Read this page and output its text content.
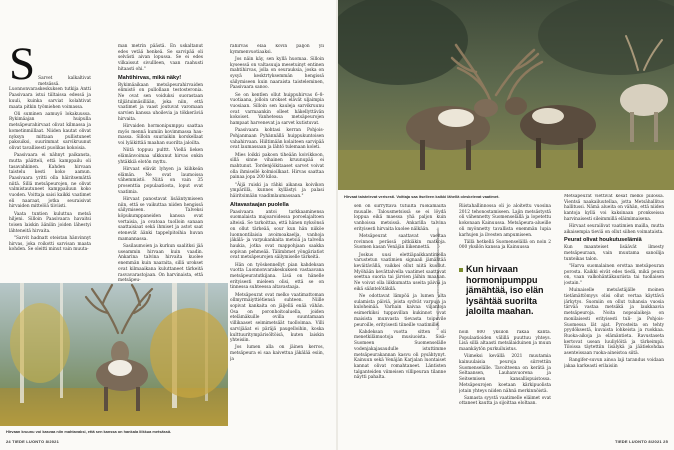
S Sarvet kalkaltivat metsässä. Luonnonvaraskeskuksen tutkija Antti Paasivaara istui tiiltaissa edessä ja kuuli, kuinka sarviat kolahtivat maata pitkin työmiehen voimassa.

Oli suminen aamuyö lokakuussa. Rykimäajan huipulla metsäpeurahirvaat olivat kilmassa ja kometinmiillaat. Niiden kautat olivat nyksyn mittaan pullistuneet paksuiksi, suurimmat sarvikruunut olivat tavallisesti puolikas kokoisia.

Paasivaara ei nähnyt paikansta, mutta päätteli, että kamppailu oli tasavahkinen. Kahden hirvaan taistelu kesti koko aamun. Paasivaara yritti olla häiritsemättä niitä. Sillä metsäpeurojen, ne olivat valmistautuneet kamppailuun koko vuoden. Voittaja saisi kaikki vaatimet eli naaraat, jotka seuraisivat hirvaiden mittelöä tiiviisti.

Vaata tuntien kuluttua metsä hiljeni. Silloin Paasivaara havaitsi toisen laiskin äänilin joiden lähestyi lähteneitä hirvaita.

"Sarvit hadnatt oteistan hänvinnyt hirvas, joka roikotti sarvisan maata kohden. Se oleitti minut vain muuta-

man metrin päästä. En uskaltanut edes vetää henkeä. Se sarvipää oli selvästi aivan lopussa. Se ei edes vilkaissut sivullleen, vaan raahusti hitaasti ohi."

Mahtihirvas, mikä näky!

Rykimäaikaan metsäpeurahirvaiden elimistö on pullollaan testosteronia. Ne ovat sen voiduksi suorastaan tiljiätuimäsillään, joka niin, että vaatimet ja vaast joutuvat varomaan sarvien kanssa uhoilevia ja tökkeräviä hirvaita.

Hirvaiden hormonipumppu saattaa myös mennä kumiin kovimmassa hau- massa. Silloin suuriaikin korskellaat voi lyäikittää maahan suorilta jaloilta.

Niitä toppuu pulttt. Viellä lieken elämänvoimaa ulkkunut hirvas onkin yhtäkkiä elotön myttu.

Hirvaat elävät lyhyen ja kiihkeän elämän. Ne ovat laumoissa vähemmistö. Niitä on vain 35 prosenttia populaatiosta, loput ovat vaatimia.

Hirvaat panostavat lisääntymiseen niin, että se vaikuttaa niiden hengissä säilymiseen. Talveksi köpukumppaneiden kanssa ovat vertaisia, ja ovatoaa tuolloin sanaan saattaisiaat sekä ihmiset ja astot saat etenevät äänki tappelpitoihia huvan mamannassa.

Sasilaumoien ja kurkun saalitksi jää useammin hirvaan kuin vaadin. Ankarina talvina hirvaita kuolee enemmän kuin naaraita, sillä urokset ovat kilmaaikana kuluttaneet tärkeitä rasvavarastojaan. On harvinaista, että metsäpeu-

rahirvas elää kovin paljon yli kymmenvuotiaaksi.

Jos näin käy, sen kyllä huomaa. Silloin kyseessä on valtasuuja mesetuinyt entinen mahtihirvas, jolla on seurauksia, joska on sysyä kesktrtyksemmän hengissä säilymiseen kuin naaraista taisteleminen, Paasivaara sanoo.

Se on kentlen ollut huippuhirvas 6–8-vuotiaana, jolloin urokset elävät uljaimpia vuosiaan. Silloin sen kauleja sarvikruunu ovat varmaankin olleet häkellyttävän kokoiset. Vanhetessa metsäpeurojen hampaat harvenevat ja sarvet kutistuvat.

Paasivaara kohtasi kerran Pohjois-Pohjanmaan Pyhännällä huippukuntoisen vahahirvaan. Hiiltimään kolaiteen sarvipää ovat laumassaan ja lähtö tulemaan koleti.

Mies loikki pakoon tiheään koivikkoon, sillä sinne vihainen kruunupää ei mahtunut. Tordenjöikitaaset sarvet voivat olla ihmisellé kolmioilkaat. Hirvas saattaa painaa jopa 200 kiloa.

"Äijä ruiski ja rähki aikansa koivikon ympärillä, kunnes kyllästyi ja palasi häiritsimään vaadimlaumassaan."

Altavastaajan puolella

Paasivaara antoi tarkkaaminensa suomalaista majoaroidessa poroelajaltoen alteisä. Se tarkoittaa, että hänen nyksönsä on ollut tärkeää, sour kun hän niiköe luonnontilaisia avoimoakaelja, vanhoja jäkälä- ja varpukankaita metsiä ja talvella haukia, jotka ovat mappohjaan saakka sopivan pehmeää. Tälimbmet yöngäriatiot ovat metsäpeurojen säilymiselle tärkeitä.

Hän on työskennellyt pian kahdeksan vuotta Luonnonvarakeskuksen vastaavana metsäpeuratutkijana. Lisä on hänelle erityisesti mieleen olisi, että se on tinnessa suhteessa altavastaaja.

Metsäpeurat ovat melko vaatimattoman ollmyrmäiyttiétiensä suhteen. Niille sopivat kankaita on jäljellä enää vähän. Osa on poronhoitoaluella, joiden etelämäkuille ovilla suuntamaan villikaaset seimimetsäät tuolloimaa. Villi sarvijääat ei päräjä paugelloihin, koska kulttuuritympärisöltöisä, kuten laiskin yhteisiin.

Jos lumen alla on jäinen kerros, metsäpeura ei saa kaivettua jäkälää esiin, ja

Hirvaan kruunu voi kasvaa niin mahtavaksi, että sen kanssa on hankala liikkua metsässä.
24 TIEDE LUONTO 8/2021
Hirvaat taistelevat verisesti. Voittaja saa itselleen kaikki lähellä oleskelevat vaatimet.
Kuvat: Petri Timonen / Luonnonvarakeskus, Soili Kaisakangas/Vastavalo

sen on siirryttävä tutuilta ruokamailta muualle. Talousmetsissä se ei löydä loppua eikä maessa yhä paljon kuin vanhoissa metsissä. Ankarilla talvina erityisesti hirvaita kuolee nälkään.

Metsäpeurat saattavat vaeltaa rovinnon perässä pitkiäkin matkoja. Suomen kasan Venäjän liikennettä.

Joskus uusi elettiäpaikkantimella varustetun vaatimien signaali jämähtää keväitävällä, vaikkei ollut niitä kuollut. Myöhään kevättalvella vaatimet saattavat seettua suoria tai järvien jäihin maahan. Ne voivat olla liikkumatta useita päiviä ja eikä sääntelötäkilä.

Ne odottavat lämpöä ja lumen alta sulamista päiviä, joista sydvät varpuja ja kuloheinää. Varhain kaivaa viljantoja esimerkiksi tuppavillan kukinnot ovat maisista munvasta tievasta toipuvile peuroille, erityisesti tiineille vaatimille.

Kahdeksan vuotta sitten oli menetkilämuotoja musiuoista. Sisä-Suomeen Suomenselälle vodenjakajasaudulle istuttimme metsäpeurakannan kasvu oli pysähtynyt. Kainuun sekä Venäjän Karjalan luontaiset kannat olivat romahtaneet. Läntisten talganteiden viimeisen villipeuran tilanne näytti pahalta.

Riistahallinnossa oli jo aloitettu vuosina 2012 tehonostamiseen. Lajin metsästystä oli vähennetty Suomenselällä ja lopetettu kokonaan Kainuussa. Metsäpeura-alueille oli myönnetty tavallista enemmän lupia karhujen ja ilvesten ampumiseen.

Tällä hetkellä Suomenselällä on noin 2 000 yksilön kanssa ja Kainuussa

Kun hirvaan hormonipumppu jämähtää, iso elän lysähtää suorilta jaloilta maahan.

noin 800 yksilön rakaa kanta. Populaatioiden välillä puuttuu yhteys. Lisä sillä altaasti metsälaiduinen ja muun maankäytön purkuiluistus.

Viimeksi kevällä 2021 muutamia kainuulaisia peuroja siirrettiin Suomenselälle. Tavoitteena on kerätä ja Seltaansen, Lauhanvuorena ja Seitsemisen kansallispuistossa. Metsäpeurojen koetaan kärkipuolista jotain yhteys niiden nähnä merkinnöistä.

Samasta syystä vaatimelle eläimet ovat ottaneet kautta ja sijoittaa eloltaan.

Metsäpeurat viettivät kesät melko piilossa. Vientsä naakailuutellaa, jotta Metsähallitus hallitussi. Nämä alueita on vähän, että niiden kantoja kyllä voi kaksinaan pronkseissa harvinaisesti sileimmillä eläimimaisena.

Hirvaat seurailivat vaatimien mailla, mutta aikaisempia tieviä on ollut siihen voimataista.

Peurat olivat houkutuselämiä

Kun maanteiset lisäävät ilmesty metsäpeuraan, vain muutama sanoilija tunteikas talon.

"Harva suomalainen erottaa metsäpeuran porosta. Kaikki eivät edes tiedä, mikä peura on, vaan valkohäntäkauriista tai tuollaisen jostain."

Muinaiselle metsästäjälle moinen tietämättömyys olisi ollut vertaa käyttävä järkytys. Suomiin on ollut tuhansia vuosia tärvää vastaa metsäkä ja laukkaavia metsäpeuroja. Noita nopealaikeja on monilaisesti erityisesti tuli- ja Pohjois-Suomessa lät ajat. Pyrosteita on tehty pyydöksestä, kuvaista lohkeista ja ruokkaa. Ruoka-aikoja ja elämäntieta. Ravustaseta kertovat usean luuliylöitä ja tärkeimpä. Tiloissa täytettiin lisälykä ja jäätiekohdaa asenteissaan ruoka-aineistoa siitä.

Rangifer-suvun ainoa laji tarandus voidaan jakaa karkeasti erilaisiin

TIEDE LUONTO 8/2021 25
